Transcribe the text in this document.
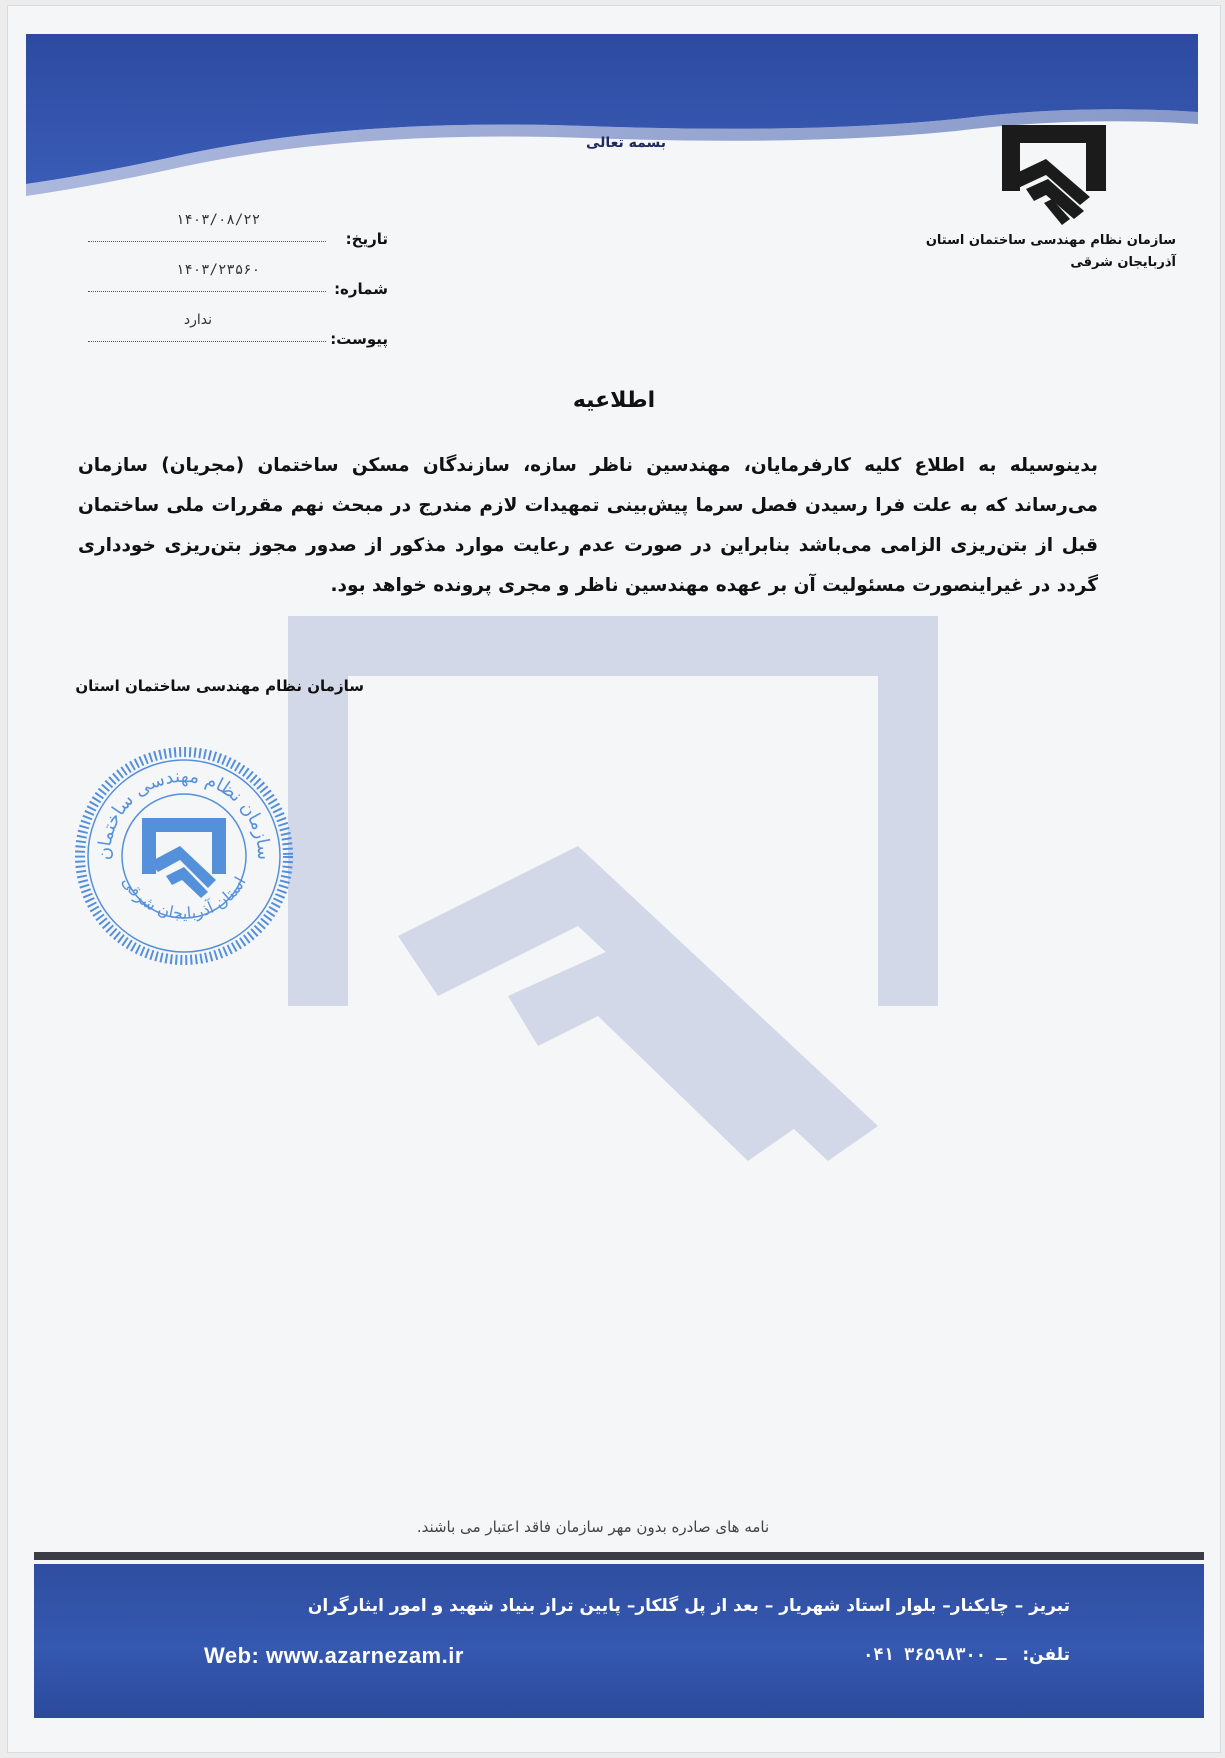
بسمه تعالی
سازمان نظام مهندسی ساختمان استان
آذربایجان شرقی
۱۴۰۳/۰۸/۲۲
تاریخ:
۱۴۰۳/۲۳۵۶۰
شماره:
ندارد
پیوست:
اطلاعیه
بدینوسیله به اطلاع کلیه کارفرمایان، مهندسین ناظر سازه، سازندگان مسکن ساختمان (مجریان) سازمان می‌رساند که به علت فرا رسیدن فصل سرما پیش‌بینی تمهیدات لازم مندرج در مبحث نهم مقررات ملی ساختمان قبل از بتن‌ریزی الزامی می‌باشد بنابراین در صورت عدم رعایت موارد مذکور از صدور مجوز بتن‌ریزی خودداری گردد در غیراینصورت مسئولیت آن بر عهده مهندسین ناظر و مجری پرونده خواهد بود.
سازمان نظام مهندسی ساختمان استان
سازمان نظام مهندسی ساختمان
استان آذربایجان شرقی
نامه های صادره بدون مهر سازمان فاقد اعتبار می باشند.
تبریز – چایکنار– بلوار استاد شهریار – بعد از پل گلکار– پایین تراز بنیاد شهید و امور ایثارگران
Web: www.azarnezam.ir	تلفن: ۰۴۱ ـ ۳۶۵۹۸۳۰۰
